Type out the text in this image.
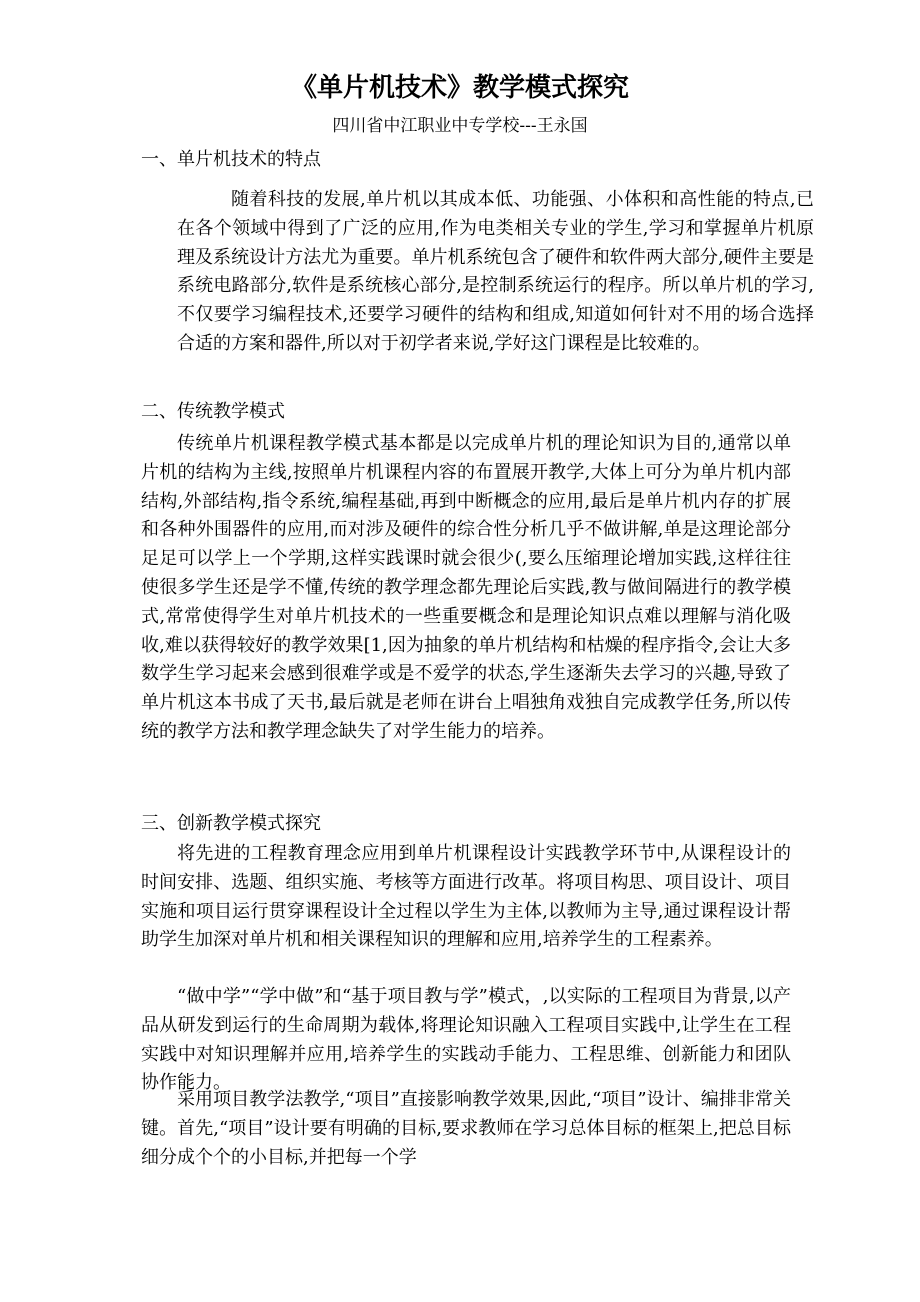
《单片机技术》教学模式探究
四川省中江职业中专学校---王永国
一、单片机技术的特点

随着科技的发展,单片机以其成本低、功能强、小体积和高性能的特点,已在各个领域中得到了广泛的应用,作为电类相关专业的学生,学习和掌握单片机原理及系统设计方法尤为重要。单片机系统包含了硬件和软件两大部分,硬件主要是系统电路部分,软件是系统核心部分,是控制系统运行的程序。所以单片机的学习,不仅要学习编程技术,还要学习硬件的结构和组成,知道如何针对不用的场合选择合适的方案和器件,所以对于初学者来说,学好这门课程是比较难的。

二、传统教学模式

传统单片机课程教学模式基本都是以完成单片机的理论知识为目的,通常以单片机的结构为主线,按照单片机课程内容的布置展开教学,大体上可分为单片机内部结构,外部结构,指令系统,编程基础,再到中断概念的应用,最后是单片机内存的扩展和各种外围器件的应用,而对涉及硬件的综合性分析几乎不做讲解,单是这理论部分足足可以学上一个学期,这样实践课时就会很少(,要么压缩理论增加实践,这样往往使很多学生还是学不懂,传统的教学理念都先理论后实践,教与做间隔进行的教学模式,常常使得学生对单片机技术的一些重要概念和是理论知识点难以理解与消化吸收,难以获得较好的教学效果[1,因为抽象的单片机结构和枯燥的程序指令,会让大多数学生学习起来会感到很难学或是不爱学的状态,学生逐渐失去学习的兴趣,导致了单片机这本书成了天书,最后就是老师在讲台上唱独角戏独自完成教学任务,所以传统的教学方法和教学理念缺失了对学生能力的培养。

三、创新教学模式探究

将先进的工程教育理念应用到单片机课程设计实践教学环节中,从课程设计的时间安排、选题、组织实施、考核等方面进行改革。将项目构思、项目设计、项目实施和项目运行贯穿课程设计全过程以学生为主体,以教师为主导,通过课程设计帮助学生加深对单片机和相关课程知识的理解和应用,培养学生的工程素养。

“做中学”“学中做”和“基于项目教与学”模式，,以实际的工程项目为背景,以产品从研发到运行的生命周期为载体,将理论知识融入工程项目实践中,让学生在工程实践中对知识理解并应用,培养学生的实践动手能力、工程思维、创新能力和团队协作能力。

采用项目教学法教学,“项目”直接影响教学效果,因此,“项目”设计、编排非常关键。首先,“项目”设计要有明确的目标,要求教师在学习总体目标的框架上,把总目标细分成个个的小目标,并把每一个学
